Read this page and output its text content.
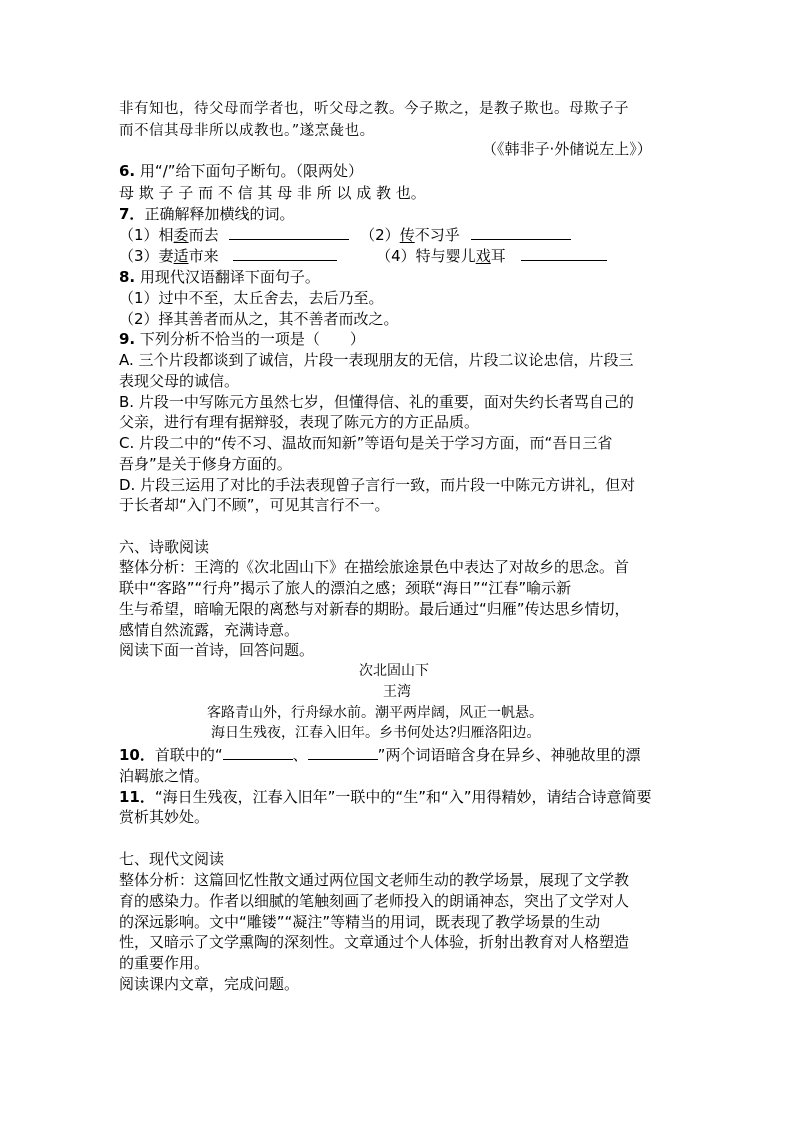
非有知也，待父母而学者也，听父母之教。今子欺之，是教子欺也。母欺子子
而不信其母非所以成教也。”遂烹彘也。
（《韩非子·外储说左上》）
6. 用“/”给下面句子断句。（限两处）
母 欺 子 子 而 不 信 其 母 非 所 以 成 教 也。
7．正确解释加横线的词。
（1）相委而去	（2）传不习乎
（3）妻适市来	（4）特与婴儿戏耳
8. 用现代汉语翻译下面句子。
（1）过中不至，太丘舍去，去后乃至。
（2）择其善者而从之，其不善者而改之。
9. 下列分析不恰当的一项是（　　）
A. 三个片段都谈到了诚信，片段一表现朋友的无信，片段二议论忠信，片段三
表现父母的诚信。
B. 片段一中写陈元方虽然七岁，但懂得信、礼的重要，面对失约长者骂自己的
父亲，进行有理有据辩驳，表现了陈元方的方正品质。
C. 片段二中的“传不习、温故而知新”等语句是关于学习方面，而“吾日三省
吾身”是关于修身方面的。
D. 片段三运用了对比的手法表现曾子言行一致，而片段一中陈元方讲礼，但对
于长者却“入门不顾”，可见其言行不一。
六、诗歌阅读
整体分析：王湾的《次北固山下》在描绘旅途景色中表达了对故乡的思念。首
联中“客路”“行舟”揭示了旅人的漂泊之感；颈联“海日”“江春”喻示新
生与希望，暗喻无限的离愁与对新春的期盼。最后通过“归雁”传达思乡情切，
感情自然流露，充满诗意。
阅读下面一首诗，回答问题。
次北固山下
王湾
客路青山外，行舟绿水前。潮平两岸阔，风正一帆悬。
海日生残夜，江春入旧年。乡书何处达?归雁洛阳边。
10．首联中的“	、	”两个词语暗含身在异乡、神驰故里的漂
泊羁旅之情。
11．“海日生残夜，江春入旧年”一联中的“生”和“入”用得精妙，请结合诗意简要
赏析其妙处。
七、现代文阅读
整体分析：这篇回忆性散文通过两位国文老师生动的教学场景，展现了文学教
育的感染力。作者以细腻的笔触刻画了老师投入的朗诵神态，突出了文学对人
的深远影响。文中“雕镂”“凝注”等精当的用词，既表现了教学场景的生动
性，又暗示了文学熏陶的深刻性。文章通过个人体验，折射出教育对人格塑造
的重要作用。
阅读课内文章，完成问题。
